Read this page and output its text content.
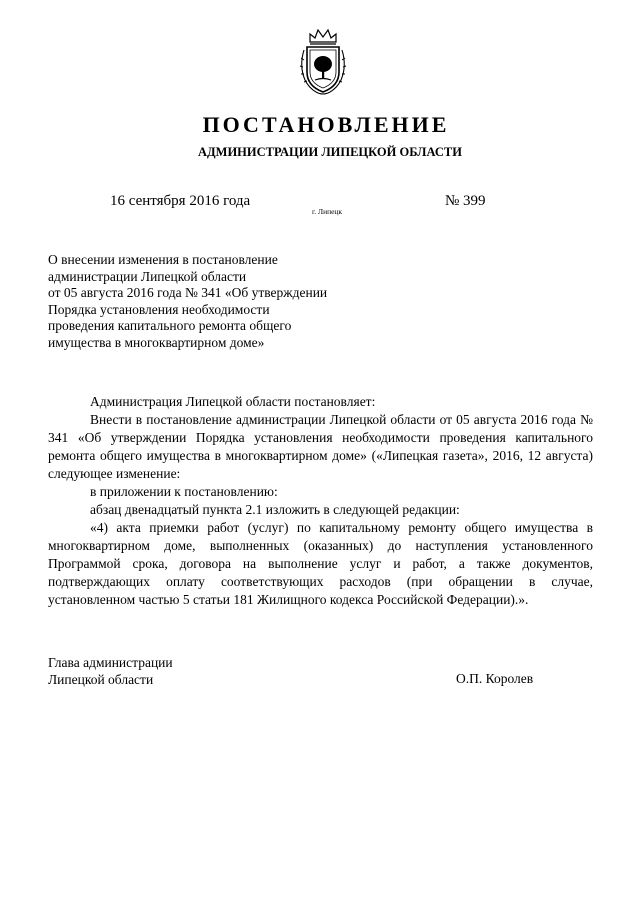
ПОСТАНОВЛЕНИЕ
АДМИНИСТРАЦИИ ЛИПЕЦКОЙ ОБЛАСТИ
16 сентября 2016 года
г. Липецк
№ 399
О внесении изменения в постановление
администрации Липецкой области
от 05 августа 2016 года № 341 «Об утверждении
Порядка установления необходимости
проведения капитального ремонта общего
имущества в многоквартирном доме»

Администрация Липецкой области постановляет:

Внести в постановление администрации Липецкой области от 05 августа 2016 года № 341 «Об утверждении Порядка установления необходимости проведения капитального ремонта общего имущества в многоквартирном доме» («Липецкая газета», 2016, 12 августа) следующее изменение:

в приложении к постановлению:

абзац двенадцатый пункта 2.1 изложить в следующей редакции:

«4) акта приемки работ (услуг) по капитальному ремонту общего имущества в многоквартирном доме, выполненных (оказанных) до наступления установленного Программой срока, договора на выполнение услуг и работ, а также документов, подтверждающих оплату соответствующих расходов (при обращении в случае, установленном частью 5 статьи 181 Жилищного кодекса Российской Федерации).».

Глава администрации
Липецкой области	О.П. Королев
